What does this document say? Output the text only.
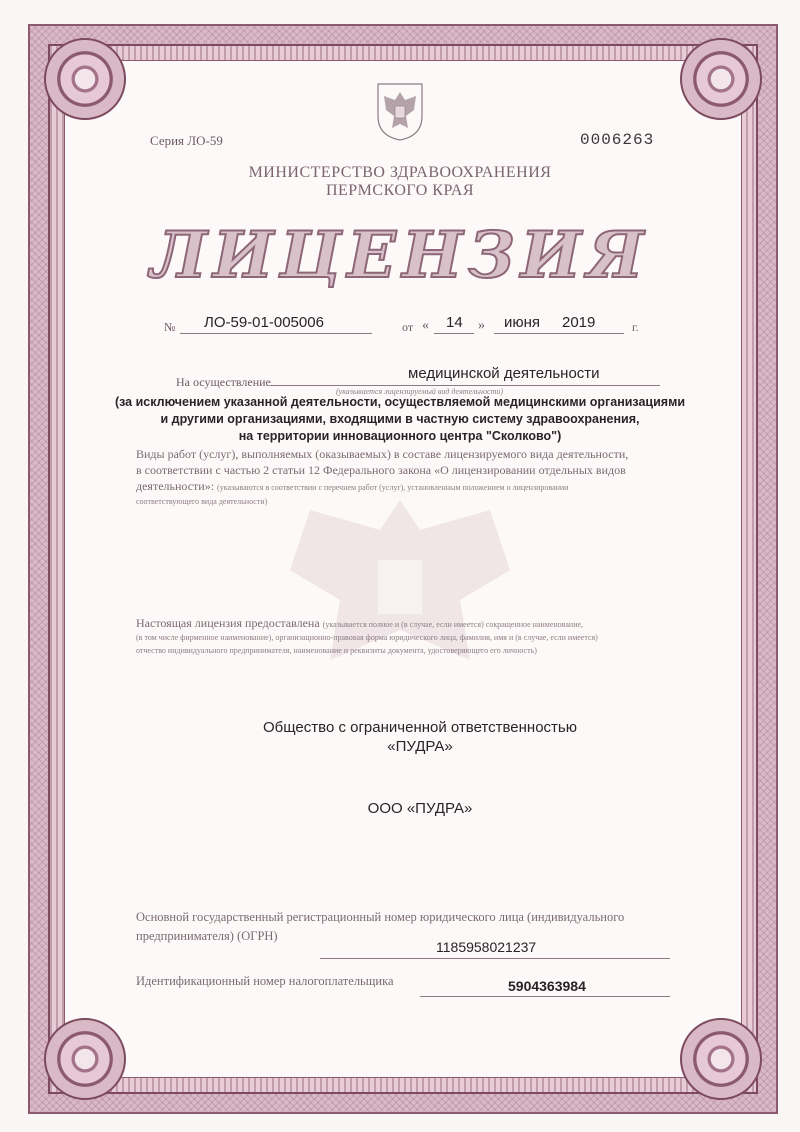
Серия ЛО-59	0006263
МИНИСТЕРСТВО ЗДРАВООХРАНЕНИЯ
ПЕРМСКОГО КРАЯ
ЛИЦЕНЗИЯ
№ ЛО-59-01-005006	от « 14 » июня 2019	г.
На осуществление	медицинской деятельности
(указывается лицензируемый вид деятельности)
(за исключением указанной деятельности, осуществляемой медицинскими организациями
и другими организациями, входящими в частную систему здравоохранения,
на территории инновационного центра "Сколково")
Виды работ (услуг), выполняемых (оказываемых) в составе лицензируемого вида деятельности,
в соответствии с частью 2 статьи 12 Федерального закона «О лицензировании отдельных видов
деятельности»: (указываются в соответствии с перечнем работ (услуг), установленным положением о лицензировании
соответствующего вида деятельности)
Настоящая лицензия предоставлена (указывается полное и (в случае, если имеется) сокращенное наименование,
(в том числе фирменное наименование), организационно-правовая форма юридического лица, фамилия, имя и (в случае, если имеется)
отчество индивидуального предпринимателя, наименование и реквизиты документа, удостоверяющего его личность)
Общество с ограниченной ответственностью
«ПУДРА»
ООО «ПУДРА»
Основной государственный регистрационный номер юридического лица (индивидуального
предпринимателя) (ОГРН)
1185958021237
Идентификационный номер налогоплательщика	5904363984
